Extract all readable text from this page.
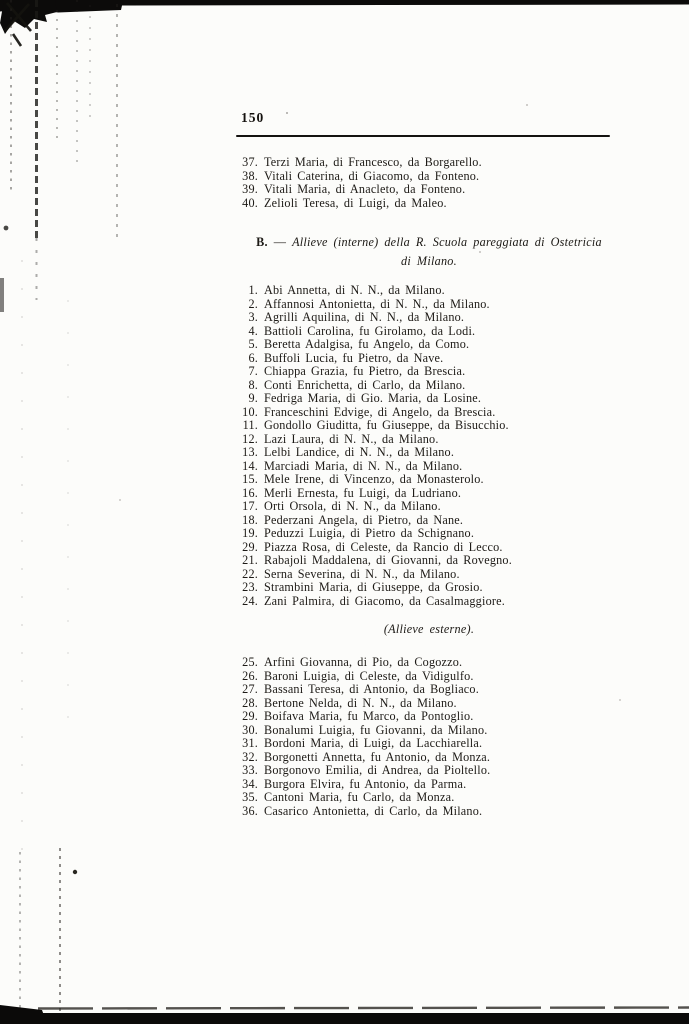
150
37. Terzi Maria, di Francesco, da Borgarello.
38. Vitali Caterina, di Giacomo, da Fonteno.
39. Vitali Maria, di Anacleto, da Fonteno.
40. Zelioli Teresa, di Luigi, da Maleo.
B. — Allieve (interne) della R. Scuola pareggiata di Ostetricia
di Milano.
1. Abi Annetta, di N. N., da Milano.
2. Affannosi Antonietta, di N. N., da Milano.
3. Agrilli Aquilina, di N. N., da Milano.
4. Battioli Carolina, fu Girolamo, da Lodi.
5. Beretta Adalgisa, fu Angelo, da Como.
6. Buffoli Lucia, fu Pietro, da Nave.
7. Chiappa Grazia, fu Pietro, da Brescia.
8. Conti Enrichetta, di Carlo, da Milano.
9. Fedriga Maria, di Gio. Maria, da Losine.
10. Franceschini Edvige, di Angelo, da Brescia.
11. Gondollo Giuditta, fu Giuseppe, da Bisucchio.
12. Lazi Laura, di N. N., da Milano.
13. Lelbi Landice, di N. N., da Milano.
14. Marciadi Maria, di N. N., da Milano.
15. Mele Irene, di Vincenzo, da Monasterolo.
16. Merli Ernesta, fu Luigi, da Ludriano.
17. Orti Orsola, di N. N., da Milano.
18. Pederzani Angela, di Pietro, da Nane.
19. Peduzzi Luigia, di Pietro da Schignano.
29. Piazza Rosa, di Celeste, da Rancio di Lecco.
21. Rabajoli Maddalena, di Giovanni, da Rovegno.
22. Serna Severina, di N. N., da Milano.
23. Strambini Maria, di Giuseppe, da Grosio.
24. Zani Palmira, di Giacomo, da Casalmaggiore.
(Allieve esterne).
25. Arfini Giovanna, di Pio, da Cogozzo.
26. Baroni Luigia, di Celeste, da Vidigulfo.
27. Bassani Teresa, di Antonio, da Bogliaco.
28. Bertone Nelda, di N. N., da Milano.
29. Boifava Maria, fu Marco, da Pontoglio.
30. Bonalumi Luigia, fu Giovanni, da Milano.
31. Bordoni Maria, di Luigi, da Lacchiarella.
32. Borgonetti Annetta, fu Antonio, da Monza.
33. Borgonovo Emilia, di Andrea, da Pioltello.
34. Burgora Elvira, fu Antonio, da Parma.
35. Cantoni Maria, fu Carlo, da Monza.
36. Casarico Antonietta, di Carlo, da Milano.
